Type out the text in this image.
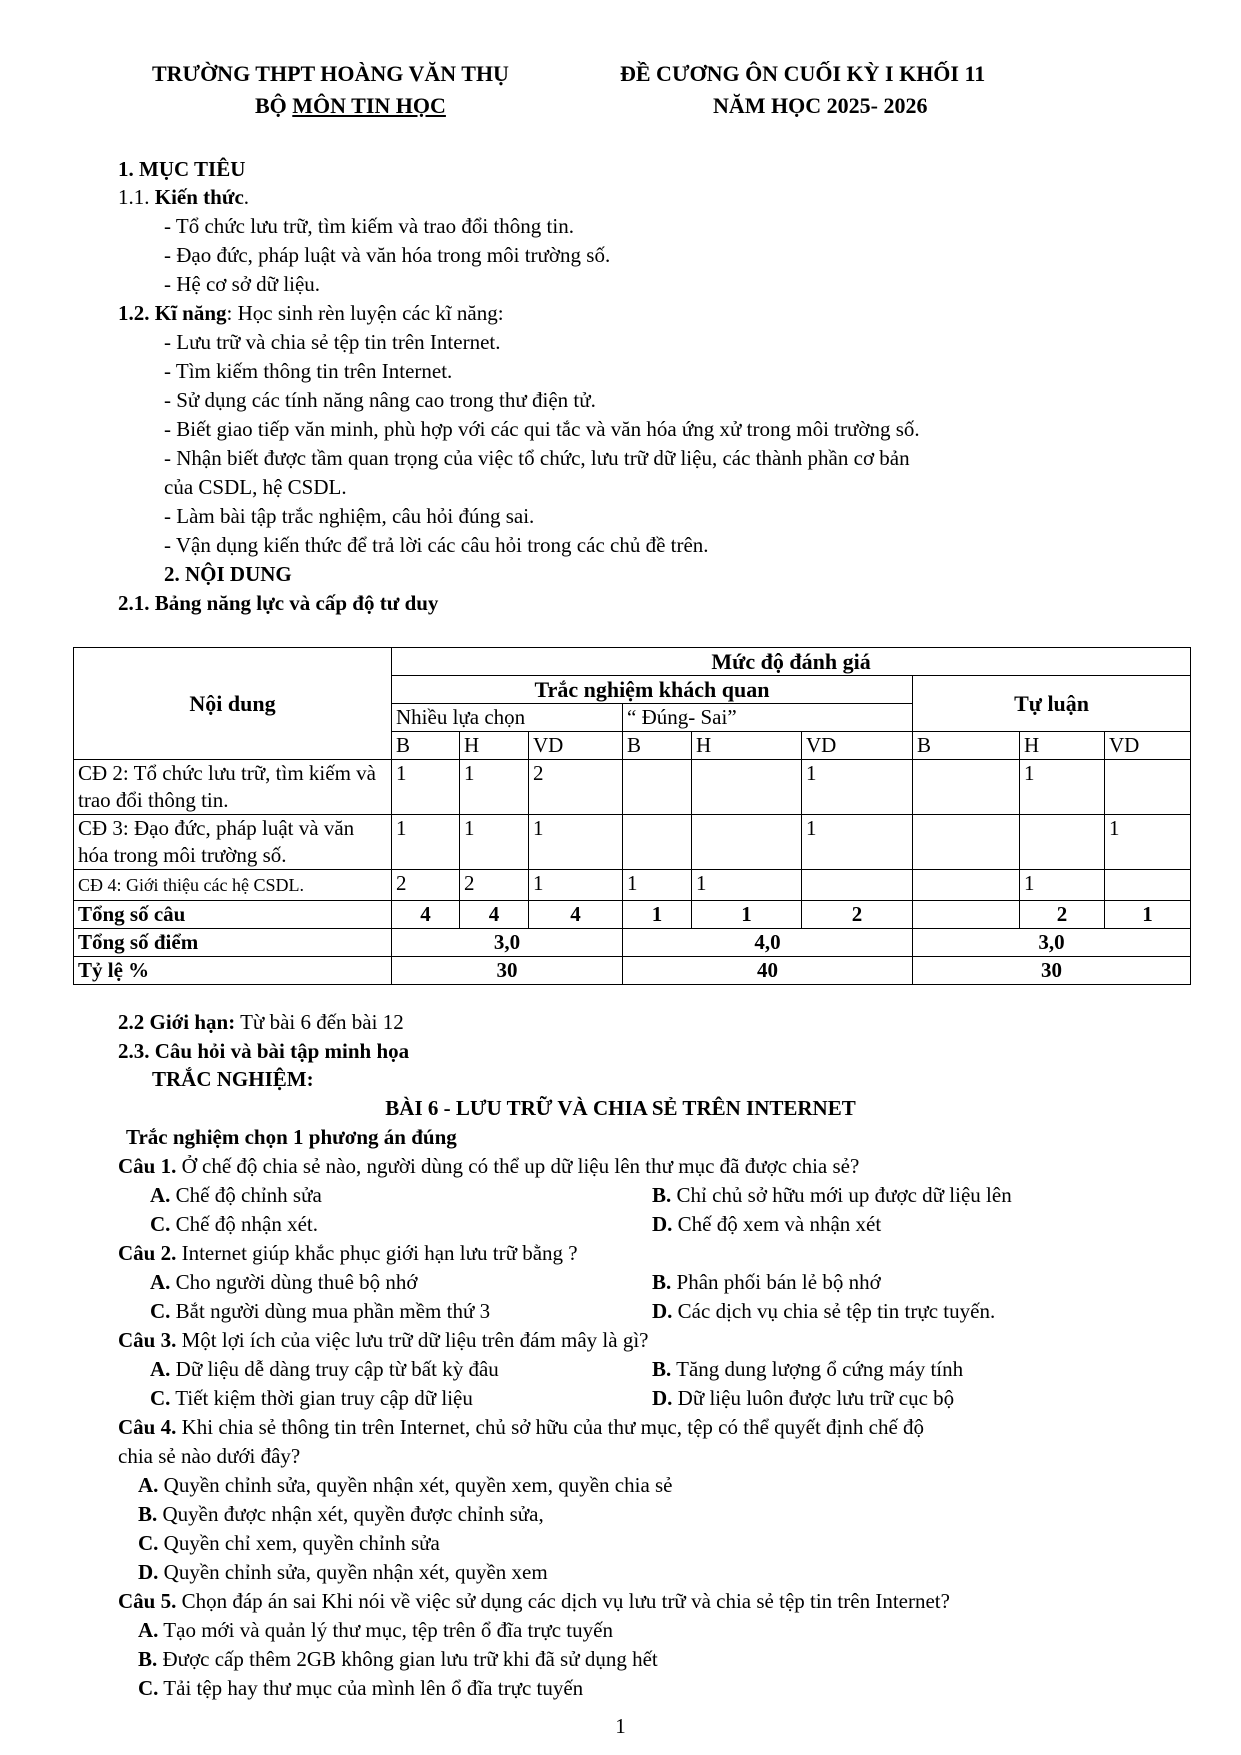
TRƯỜNG THPT HOÀNG VĂN THỤ
BỘ MÔN TIN HỌC
ĐỀ CƯƠNG ÔN CUỐI KỲ I KHỐI 11
NĂM HỌC 2025- 2026
1. MỤC TIÊU
1.1. Kiến thức.
- Tổ chức lưu trữ, tìm kiếm và trao đổi thông tin.
- Đạo đức, pháp luật và văn hóa trong môi trường số.
- Hệ cơ sở dữ liệu.
1.2. Kĩ năng: Học sinh rèn luyện các kĩ năng:
- Lưu trữ và chia sẻ tệp tin trên Internet.
- Tìm kiếm thông tin trên Internet.
- Sử dụng các tính năng nâng cao trong thư điện tử.
- Biết giao tiếp văn minh, phù hợp với các qui tắc và văn hóa ứng xử trong môi trường số.
- Nhận biết được tầm quan trọng của việc tổ chức, lưu trữ dữ liệu, các thành phần cơ bản
của CSDL, hệ CSDL.
- Làm bài tập trắc nghiệm, câu hỏi đúng sai.
- Vận dụng kiến thức để trả lời các câu hỏi trong các chủ đề trên.
2. NỘI DUNG
2.1. Bảng năng lực và cấp độ tư duy
Nội dung	Mức độ đánh giá								
	Trắc nghiệm khách quan						Tự luận		
	Nhiều lựa chọn			“ Đúng- Sai”					
	B	H	VD	B	H	VD	B	H	VD
CĐ 2: Tổ chức lưu trữ, tìm kiếm và trao đổi thông tin.	1	1	2			1		1	
CĐ 3: Đạo đức, pháp luật và văn hóa trong môi trường số.	1	1	1			1			1
CĐ 4: Giới thiệu các hệ CSDL.	2	2	1	1	1			1	
Tổng số câu	4	4	4	1	1	2		2	1
Tổng số điểm	3,0			4,0			3,0		
Tỷ lệ %	30			40			30		
2.2 Giới hạn: Từ bài 6 đến bài 12
2.3. Câu hỏi và bài tập minh họa
TRẮC NGHIỆM:
BÀI 6 - LƯU TRỮ VÀ CHIA SẺ TRÊN INTERNET
Trắc nghiệm chọn 1 phương án đúng
Câu 1. Ở chế độ chia sẻ nào, người dùng có thể up dữ liệu lên thư mục đã được chia sẻ?
A. Chế độ chỉnh sửa	B. Chỉ chủ sở hữu mới up được dữ liệu lên
C. Chế độ nhận xét.	D. Chế độ xem và nhận xét
Câu 2. Internet giúp khắc phục giới hạn lưu trữ bằng ?
A. Cho người dùng thuê bộ nhớ	B. Phân phối bán lẻ bộ nhớ
C. Bắt người dùng mua phần mềm thứ 3	D. Các dịch vụ chia sẻ tệp tin trực tuyến.
Câu 3. Một lợi ích của việc lưu trữ dữ liệu trên đám mây là gì?
A. Dữ liệu dễ dàng truy cập từ bất kỳ đâu	B. Tăng dung lượng ổ cứng máy tính
C. Tiết kiệm thời gian truy cập dữ liệu	D. Dữ liệu luôn được lưu trữ cục bộ
Câu 4. Khi chia sẻ thông tin trên Internet, chủ sở hữu của thư mục, tệp có thể quyết định chế độ
chia sẻ nào dưới đây?
A. Quyền chỉnh sửa, quyền nhận xét, quyền xem, quyền chia sẻ
B. Quyền được nhận xét, quyền được chỉnh sửa,
C. Quyền chỉ xem, quyền chỉnh sửa
D. Quyền chỉnh sửa, quyền nhận xét, quyền xem
Câu 5. Chọn đáp án sai Khi nói về việc sử dụng các dịch vụ lưu trữ và chia sẻ tệp tin trên Internet?
A. Tạo mới và quản lý thư mục, tệp trên ổ đĩa trực tuyến
B. Được cấp thêm 2GB không gian lưu trữ khi đã sử dụng hết
C. Tải tệp hay thư mục của mình lên ổ đĩa trực tuyến
1
